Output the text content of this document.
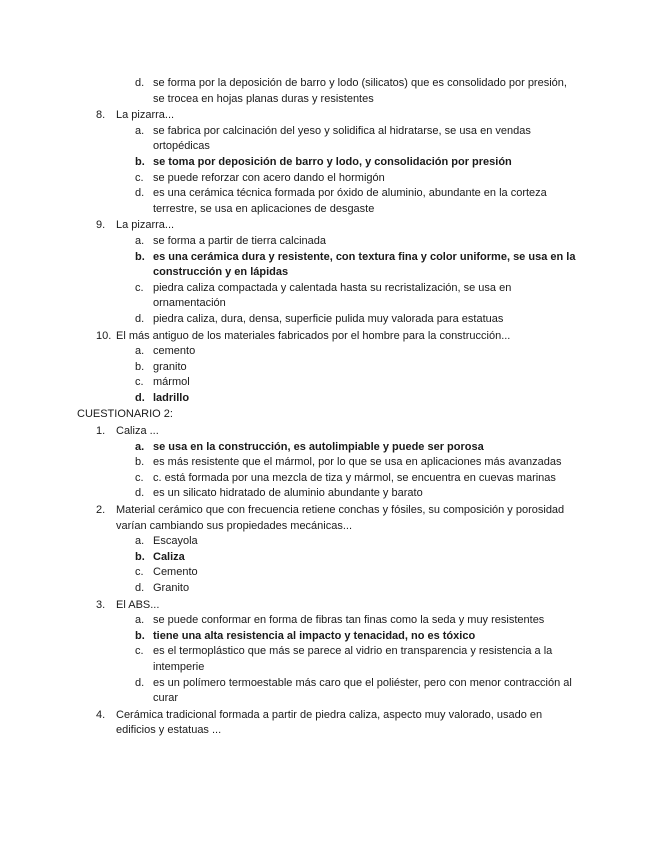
d. se forma por la deposición de barro y lodo (silicatos) que es consolidado por presión, se trocea en hojas planas duras y resistentes
8. La pizarra...
a. se fabrica por calcinación del yeso y solidifica al hidratarse, se usa en vendas ortopédicas
b. se toma por deposición de barro y lodo, y consolidación por presión
c. se puede reforzar con acero dando el hormigón
d. es una cerámica técnica formada por óxido de aluminio, abundante en la corteza terrestre, se usa en aplicaciones de desgaste
9. La pizarra...
a. se forma a partir de tierra calcinada
b. es una cerámica dura y resistente, con textura fina y color uniforme, se usa en la construcción y en lápidas
c. piedra caliza compactada y calentada hasta su recristalización, se usa en ornamentación
d. piedra caliza, dura, densa, superficie pulida muy valorada para estatuas
10. El más antiguo de los materiales fabricados por el hombre para la construcción...
a. cemento
b. granito
c. mármol
d. ladrillo
CUESTIONARIO 2:
1. Caliza ...
a. se usa en la construcción, es autolimpiable y puede ser porosa
b. es más resistente que el mármol, por lo que se usa en aplicaciones más avanzadas
c. c. está formada por una mezcla de tiza y mármol, se encuentra en cuevas marinas
d. es un silicato hidratado de aluminio abundante y barato
2. Material cerámico que con frecuencia retiene conchas y fósiles, su composición y porosidad varían cambiando sus propiedades mecánicas...
a. Escayola
b. Caliza
c. Cemento
d. Granito
3. El ABS...
a. se puede conformar en forma de fibras tan finas como la seda y muy resistentes
b. tiene una alta resistencia al impacto y tenacidad, no es tóxico
c. es el termoplástico que más se parece al vidrio en transparencia y resistencia a la intemperie
d. es un polímero termoestable más caro que el poliéster, pero con menor contracción al curar
4. Cerámica tradicional formada a partir de piedra caliza, aspecto muy valorado, usado en edificios y estatuas ...
